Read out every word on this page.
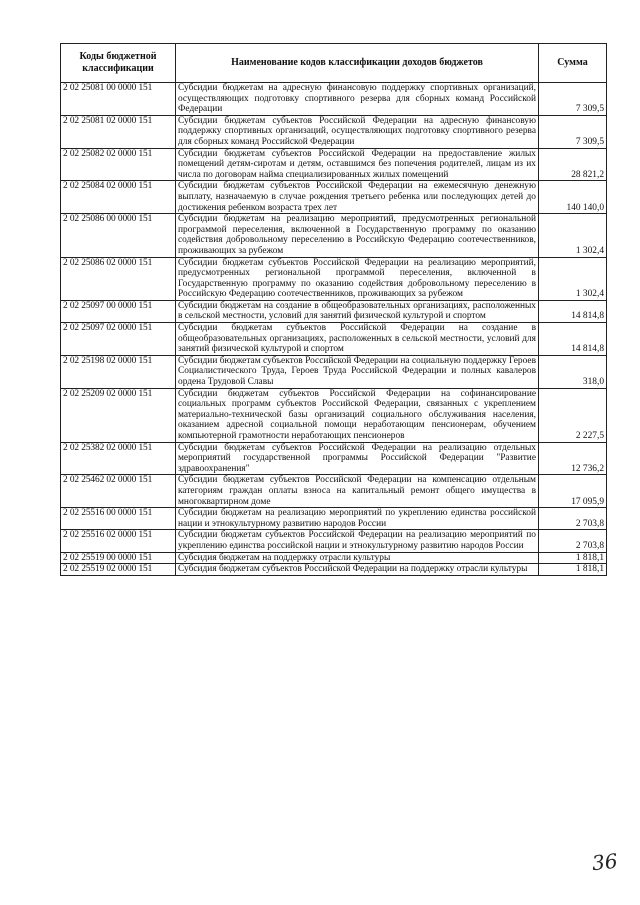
Коды бюджетной классификации	Наименование кодов классификации доходов бюджетов	Сумма
2 02 25081 00 0000 151	Субсидии бюджетам на адресную финансовую поддержку спортивных организаций, осуществляющих подготовку спортивного резерва для сборных команд Российской Федерации	7 309,5
2 02 25081 02 0000 151	Субсидии бюджетам субъектов Российской Федерации на адресную финансовую поддержку спортивных организаций, осуществляющих подготовку спортивного резерва для сборных команд Российской Федерации	7 309,5
2 02 25082 02 0000 151	Субсидии бюджетам субъектов Российской Федерации на предоставление жилых помещений детям-сиротам и детям, оставшимся без попечения родителей, лицам из их числа по договорам найма специализированных жилых помещений	28 821,2
2 02 25084 02 0000 151	Субсидии бюджетам субъектов Российской Федерации на ежемесячную денежную выплату, назначаемую в случае рождения третьего ребенка или последующих детей до достижения ребенком возраста трех лет	140 140,0
2 02 25086 00 0000 151	Субсидии бюджетам на реализацию мероприятий, предусмотренных региональной программой переселения, включенной в Государственную программу по оказанию содействия добровольному переселению в Российскую Федерацию соотечественников, проживающих за рубежом	1 302,4
2 02 25086 02 0000 151	Субсидии бюджетам субъектов Российской Федерации на реализацию мероприятий, предусмотренных региональной программой переселения, включенной в Государственную программу по оказанию содействия добровольному переселению в Российскую Федерацию соотечественников, проживающих за рубежом	1 302,4
2 02 25097 00 0000 151	Субсидии бюджетам на создание в общеобразовательных организациях, расположенных в сельской местности, условий для занятий физической культурой и спортом	14 814,8
2 02 25097 02 0000 151	Субсидии бюджетам субъектов Российской Федерации на создание в общеобразовательных организациях, расположенных в сельской местности, условий для занятий физической культурой и спортом	14 814,8
2 02 25198 02 0000 151	Субсидии бюджетам субъектов Российской Федерации на социальную поддержку Героев Социалистического Труда, Героев Труда Российской Федерации и полных кавалеров ордена Трудовой Славы	318,0
2 02 25209 02 0000 151	Субсидии бюджетам субъектов Российской Федерации на софинансирование социальных программ субъектов Российской Федерации, связанных с укреплением материально-технической базы организаций социального обслуживания населения, оказанием адресной социальной помощи неработающим пенсионерам, обучением компьютерной грамотности неработающих пенсионеров	2 227,5
2 02 25382 02 0000 151	Субсидии бюджетам субъектов Российской Федерации на реализацию отдельных мероприятий государственной программы Российской Федерации "Развитие здравоохранения"	12 736,2
2 02 25462 02 0000 151	Субсидии бюджетам субъектов Российской Федерации на компенсацию отдельным категориям граждан оплаты взноса на капитальный ремонт общего имущества в многоквартирном доме	17 095,9
2 02 25516 00 0000 151	Субсидии бюджетам на реализацию мероприятий по укреплению единства российской нации и этнокультурному развитию народов России	2 703,8
2 02 25516 02 0000 151	Субсидии бюджетам субъектов Российской Федерации на реализацию мероприятий по укреплению единства российской нации и этнокультурному развитию народов России	2 703,8
2 02 25519 00 0000 151	Субсидия бюджетам на поддержку отрасли культуры	1 818,1
2 02 25519 02 0000 151	Субсидия бюджетам субъектов Российской Федерации на поддержку отрасли культуры	1 818,1
36
